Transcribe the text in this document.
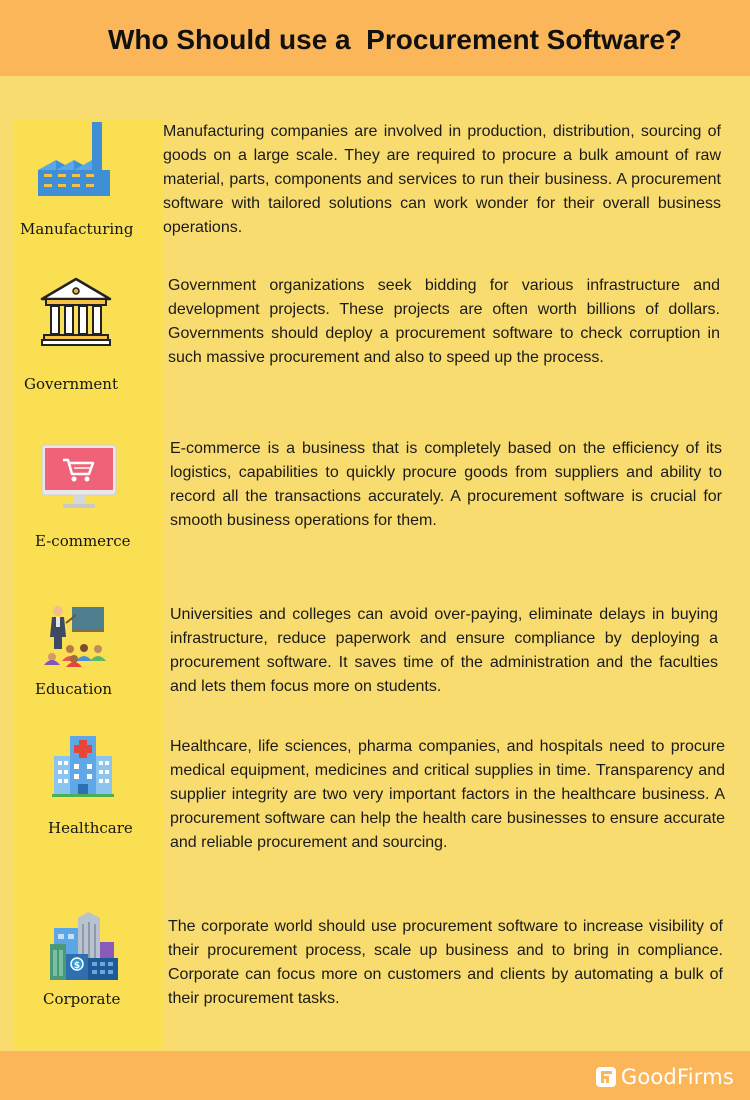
Who Should use a  Procurement Software?
Manufacturing
Manufacturing companies are involved in production, distribution, sourcing of goods on a large scale. They are required to procure a bulk amount of raw material, parts, components and services to run their business. A procurement software with tailored solutions can work wonder for their overall business operations.
Government
Government organizations seek bidding for various infrastructure and development projects. These projects are often worth billions of dollars. Governments should deploy a procurement software to check corruption in such massive procurement and also to speed up the process.
E-commerce
E-commerce is a business that is completely based on the efficiency of its logistics, capabilities to quickly procure goods from suppliers and ability to record all the transactions accurately. A procurement software is crucial for smooth business operations for them.
Education
Universities and colleges can avoid over-paying, eliminate delays in buying infrastructure, reduce paperwork and ensure compliance by deploying a procurement software. It saves time of the administration and the faculties and lets them focus more on students.
Healthcare
Healthcare, life sciences, pharma companies, and hospitals need to procure medical equipment, medicines and critical supplies in time. Transparency and supplier integrity are two very important factors in the healthcare business. A procurement software can help the health care businesses to ensure accurate and reliable procurement and sourcing.
$
Corporate
The corporate world should use procurement software to increase visibility of their procurement process, scale up business and to bring in compliance. Corporate can focus more on customers and clients by automating a bulk of their procurement tasks.
GoodFirms
